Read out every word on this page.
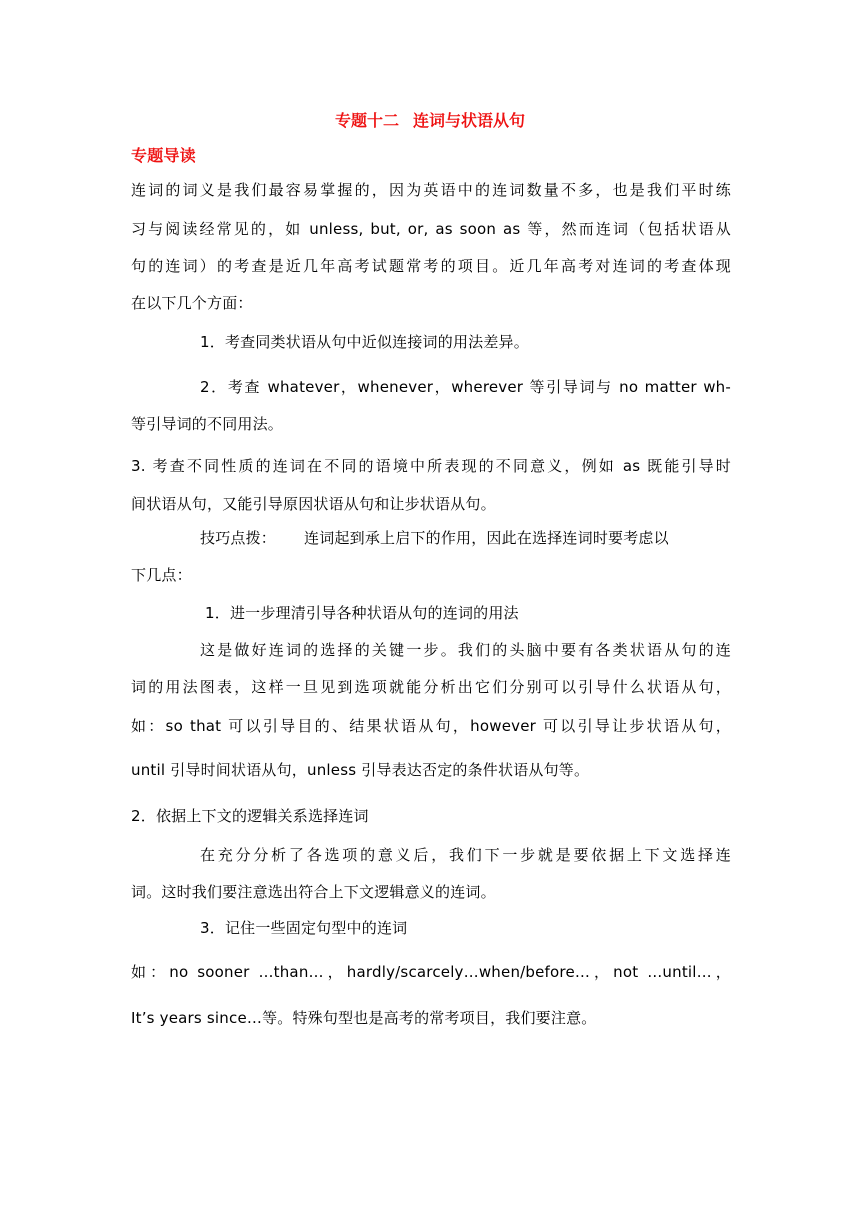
专题十二 连词与状语从句
专题导读
连词的词义是我们最容易掌握的，因为英语中的连词数量不多，也是我们平时练
习与阅读经常见的，如 unless, but, or, as soon as 等，然而连词（包括状语从
句的连词）的考查是近几年高考试题常考的项目。近几年高考对连词的考查体现
在以下几个方面：
1．考查同类状语从句中近似连接词的用法差异。
2．考查 whatever，whenever，wherever 等引导词与 no matter wh-
等引导词的不同用法。
3. 考查不同性质的连词在不同的语境中所表现的不同意义，例如 as 既能引导时
间状语从句，又能引导原因状语从句和让步状语从句。
技巧点拨： 连词起到承上启下的作用，因此在选择连词时要考虑以
下几点：
1．进一步理清引导各种状语从句的连词的用法
这是做好连词的选择的关键一步。我们的头脑中要有各类状语从句的连
词的用法图表，这样一旦见到选项就能分析出它们分别可以引导什么状语从句，
如：so that 可以引导目的、结果状语从句，however 可以引导让步状语从句，
until 引导时间状语从句，unless 引导表达否定的条件状语从句等。
2．依据上下文的逻辑关系选择连词
在充分分析了各选项的意义后，我们下一步就是要依据上下文选择连
词。这时我们要注意选出符合上下文逻辑意义的连词。
3．记住一些固定句型中的连词
如：no sooner …than…，hardly/scarcely…when/before…，not …until…，
It’s years since…等。特殊句型也是高考的常考项目，我们要注意。
